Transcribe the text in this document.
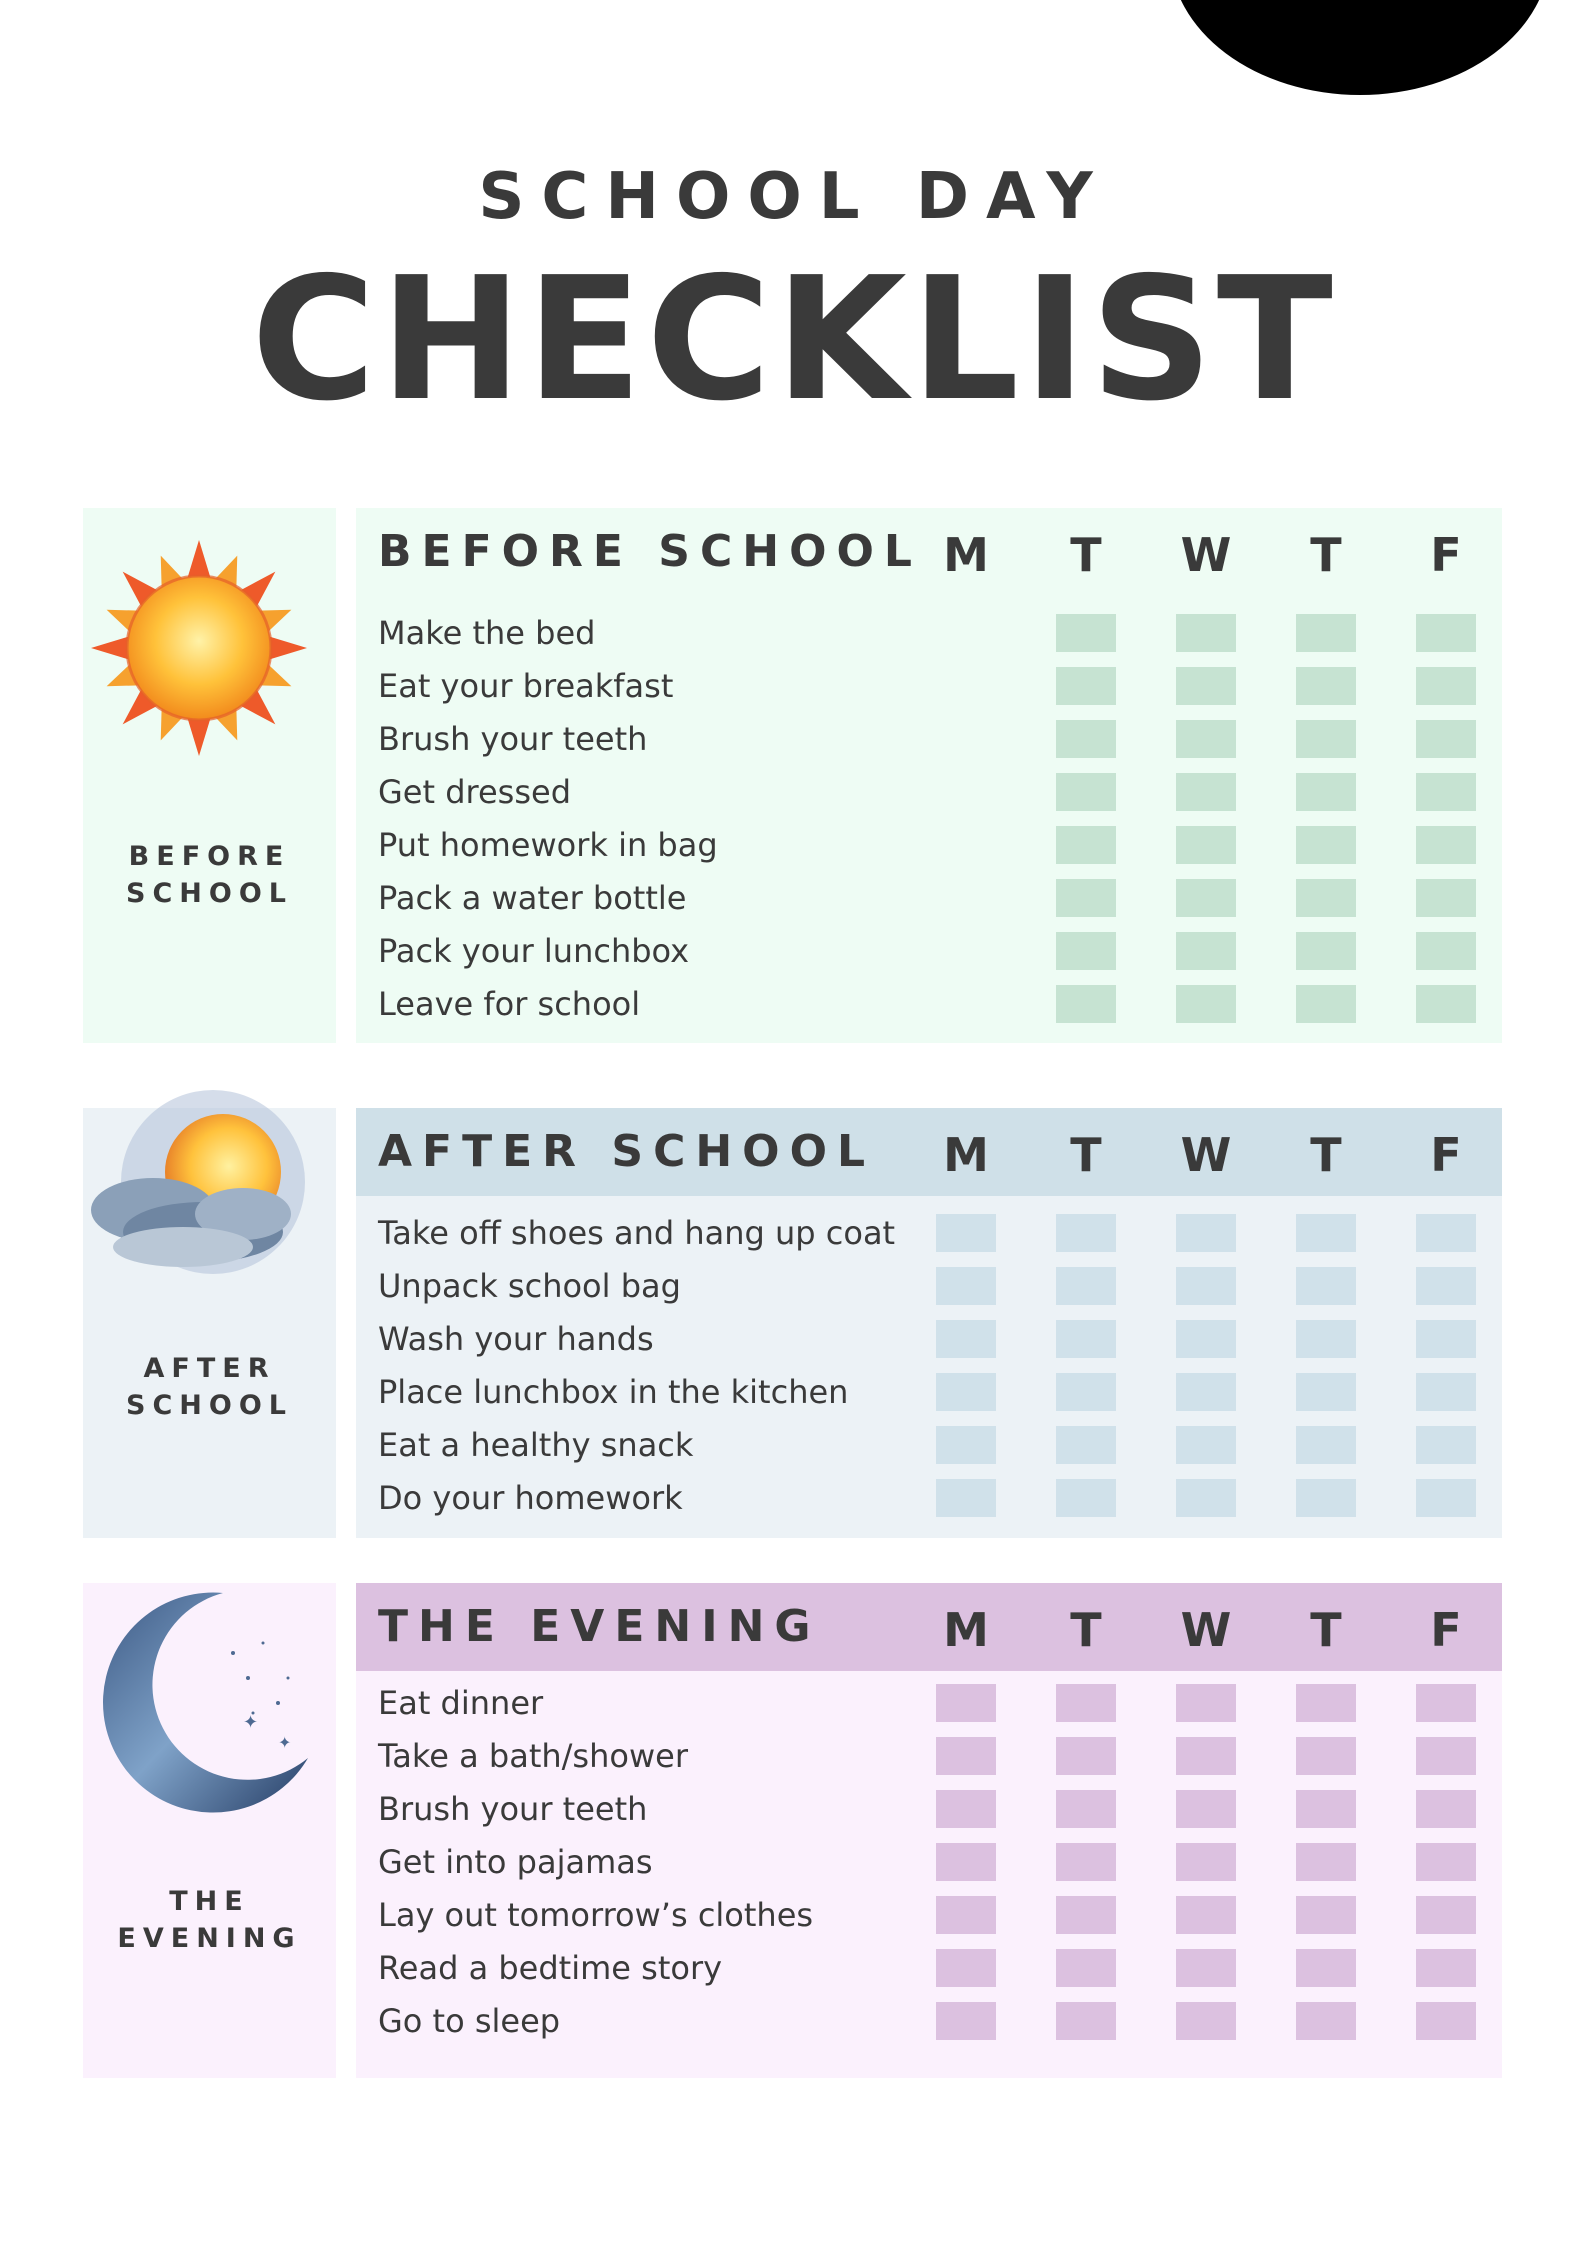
SCHOOL DAY
CHECKLIST
BEFORE
SCHOOL
BEFORE SCHOOL M	T	W	T	F
Make the bed
Eat your breakfast
Brush your teeth
Get dressed
Put homework in bag
Pack a water bottle
Pack your lunchbox
Leave for school
AFTER
SCHOOL
AFTER SCHOOL M	T	W	T	F
Take off shoes and hang up coat
Unpack school bag
Wash your hands
Place lunchbox in the kitchen
Eat a healthy snack
Do your homework
✦
✦
THE
EVENING
THE EVENING	M	T	W	T	F
Eat dinner
Take a bath/shower
Brush your teeth
Get into pajamas
Lay out tomorrow’s clothes
Read a bedtime story
Go to sleep
